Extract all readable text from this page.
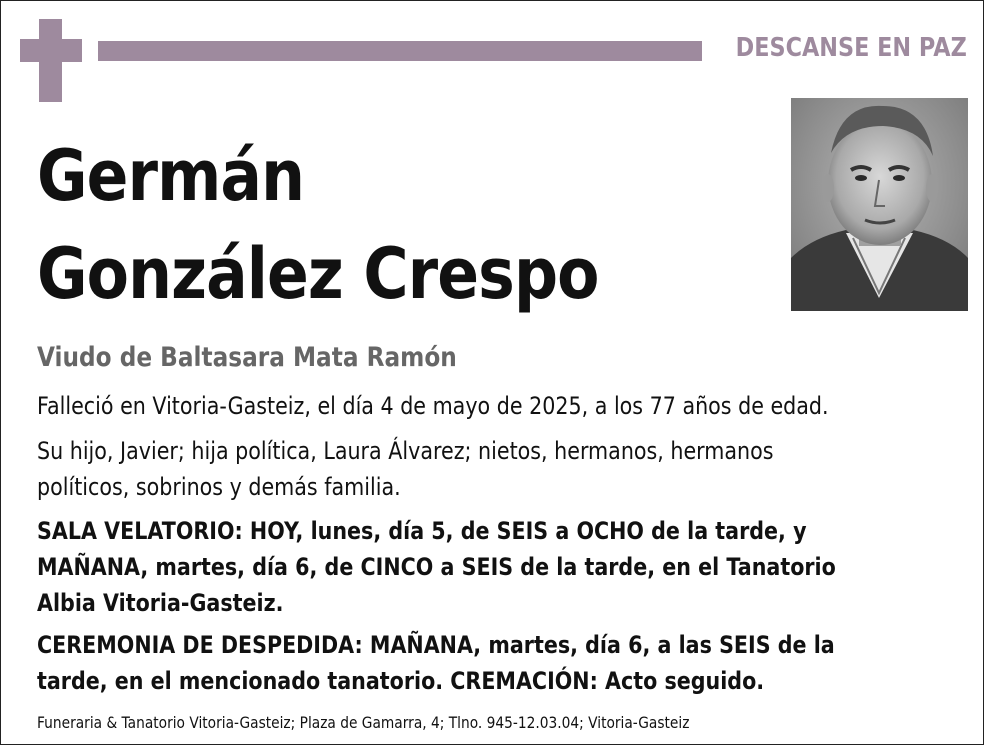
DESCANSE EN PAZ
Germán
González Crespo
Viudo de Baltasara Mata Ramón
Falleció en Vitoria-Gasteiz, el día 4 de mayo de 2025, a los 77 años de edad.
Su hijo, Javier; hija política, Laura Álvarez; nietos, hermanos, hermanos
políticos, sobrinos y demás familia.
SALA VELATORIO: HOY, lunes, día 5, de SEIS a OCHO de la tarde, y
MAÑANA, martes, día 6, de CINCO a SEIS de la tarde, en el Tanatorio
Albia Vitoria-Gasteiz.
CEREMONIA DE DESPEDIDA: MAÑANA, martes, día 6, a las SEIS de la
tarde, en el mencionado tanatorio. CREMACIÓN: Acto seguido.
Funeraria & Tanatorio Vitoria-Gasteiz; Plaza de Gamarra, 4; Tlno. 945-12.03.04; Vitoria-Gasteiz
